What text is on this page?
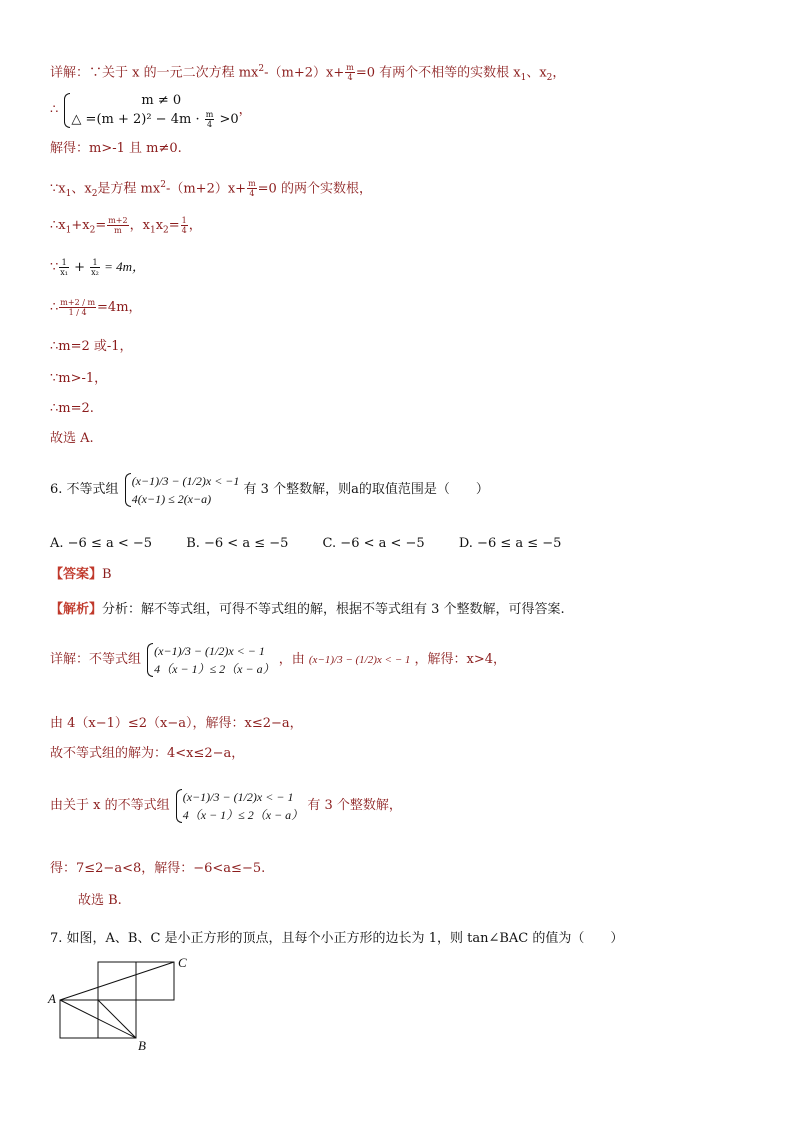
详解：∵关于 x 的一元二次方程 $mx^2-(m+2)x+ \frac{m}{4} =0$ 有两个不相等的实数根 $x_1$、$x_2$，
∴
m ≠ 0
△ $=(m + 2)^2 - 4m \cdot \frac{m}{4} >0$
，
解得：m>-1 且 m≠0.
$\because x_1$、$x_2$是方程 $mx^2-(m+2)x+ \frac{m}{4} =0$ 的两个实数根，
$\therefore x_1+x_2= \frac{m+2}{m}$ ，$x_1x_2= \frac{1}{4}$ ，
∵ $\frac{1}{\text{x₁}} + \frac{1}{\text{x₂}} = 4m$，
∴ $\frac{m+2 / m}{1 / 4} =4m$，
∴m=2 或-1，
∵m>-1，
∴m=2.
故选 A.
6. 不等式组
(x−1)/3 − (1/2)x < −1
4(x−1) ≤ 2(x−a)
有 3 个整数解，则a的取值范围是（　　）
A. −6 ≤ a < −5	B. −6 < a ≤ −5	C. −6 < a < −5	D. −6 ≤ a ≤ −5
【答案】B
【解析】分析：解不等式组，可得不等式组的解，根据不等式组有 3 个整数解，可得答案.
详解：不等式组
(x−1)/3 − (1/2)x < − 1
4（x − 1）≤ 2（x − a）
，由 (x−1)/3 − (1/2)x < − 1 ，解得：x>4，
由 4（x−1）≤2（x−a），解得：x≤2−a，
故不等式组的解为：4<x≤2−a，
由关于 x 的不等式组
(x−1)/3 − (1/2)x < − 1
4（x − 1）≤ 2（x − a）
有 3 个整数解，
得：7≤2−a<8，解得：−6<a≤−5.
故选 B.
7. 如图，A、B、C 是小正方形的顶点，且每个小正方形的边长为 1，则 tan∠BAC 的值为（　　）
A
C
B
